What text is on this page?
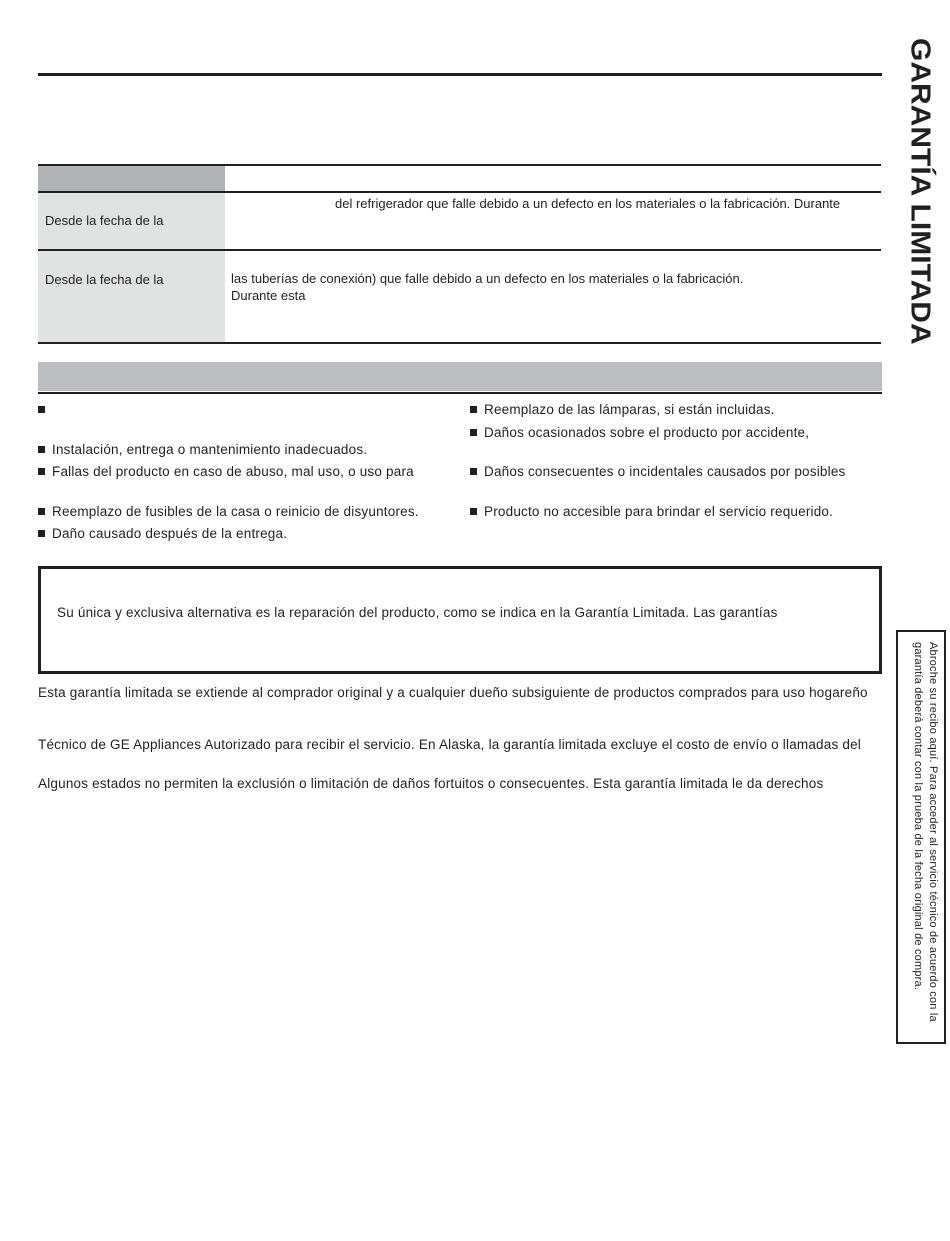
GARANTÍA LIMITADA
Desde la fecha de la
del refrigerador que falle debido a un defecto en los materiales o la fabricación. Durante
Desde la fecha de la	las tuberías de conexión) que falle debido a un defecto en los materiales o la fabricación.
Durante esta
Instalación, entrega o mantenimiento inadecuados.
Fallas del producto en caso de abuso, mal uso, o uso para
Reemplazo de fusibles de la casa o reinicio de disyuntores.
Daño causado después de la entrega.
Reemplazo de las lámparas, si están incluidas.
Daños ocasionados sobre el producto por accidente,
Daños consecuentes o incidentales causados por posibles
Producto no accesible para brindar el servicio requerido.
Su única y exclusiva alternativa es la reparación del producto, como se indica en la Garantía Limitada. Las garantías
Esta garantía limitada se extiende al comprador original y a cualquier dueño subsiguiente de productos comprados para uso hogareño
Técnico de GE Appliances Autorizado para recibir el servicio. En Alaska, la garantía limitada excluye el costo de envío o llamadas del
Algunos estados no permiten la exclusión o limitación de daños fortuitos o consecuentes. Esta garantía limitada le da derechos	Abroche su recibo aquí. Para acceder al servicio técnico de acuerdo con la garantía deberá contar con la prueba de la fecha original de compra.
